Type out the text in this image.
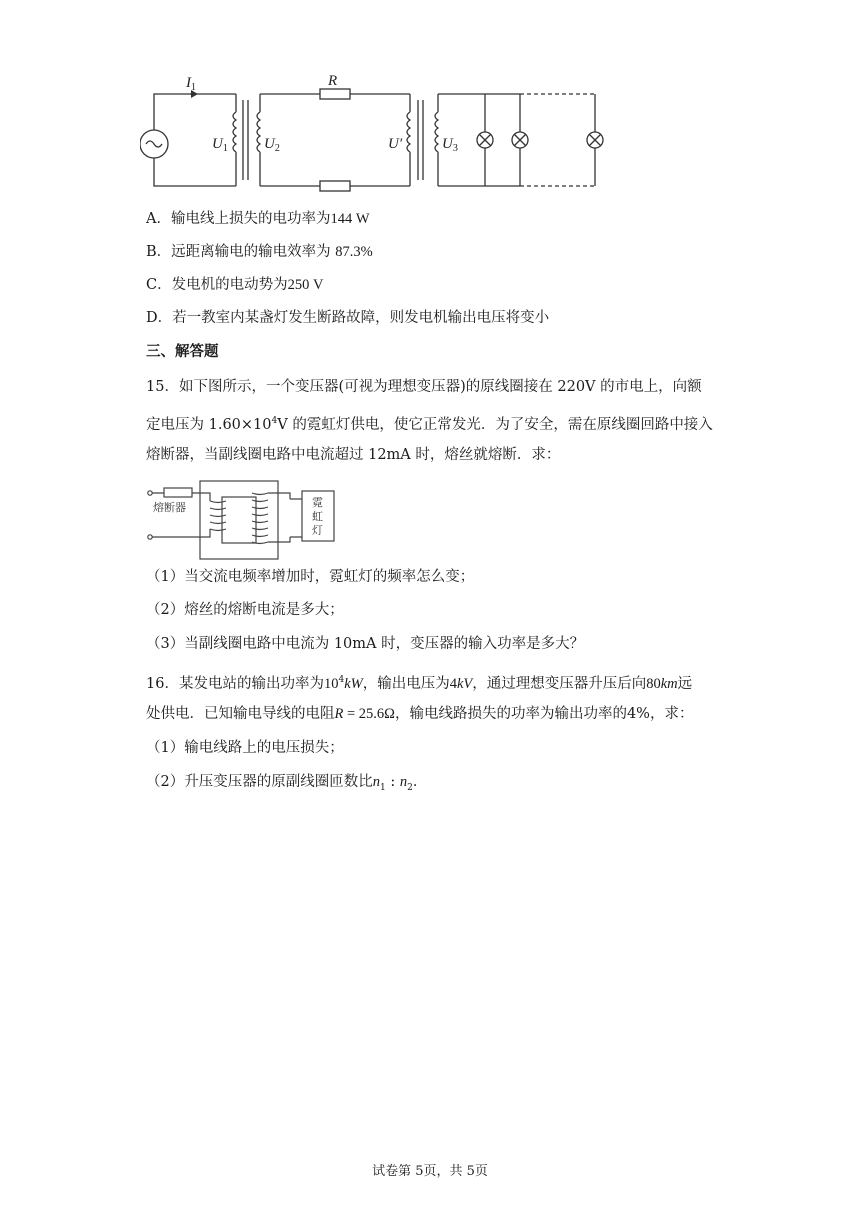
$I_1$	R
$U_1$ $U_2$	U′	$U_3$
A．输电线上损失的电功率为144 W
B．远距离输电的输电效率为 87.3%
C．发电机的电动势为250 V
D．若一教室内某盏灯发生断路故障，则发电机输出电压将变小
三、解答题
15．如下图所示，一个变压器(可视为理想变压器)的原线圈接在 220V 的市电上，向额
定电压为 $1.60\times 10^4V$ 的霓虹灯供电，使它正常发光．为了安全，需在原线圈回路中接入
熔断器，当副线圈电路中电流超过 12mA 时，熔丝就熔断．求：
熔断器	霓
虹
灯
（1）当交流电频率增加时，霓虹灯的频率怎么变；
（2）熔丝的熔断电流是多大；
（3）当副线圈电路中电流为 10mA 时，变压器的输入功率是多大？
16．某发电站的输出功率为$10^4kW$，输出电压为4kV，通过理想变压器升压后向80km远
处供电．已知输电导线的电阻R = 25.6Ω，输电线路损失的功率为输出功率的4%，求：
（1）输电线路上的电压损失；
（2）升压变压器的原副线圈匝数比$n_1$ : $n_2$．
试卷第 5页，共 5页
